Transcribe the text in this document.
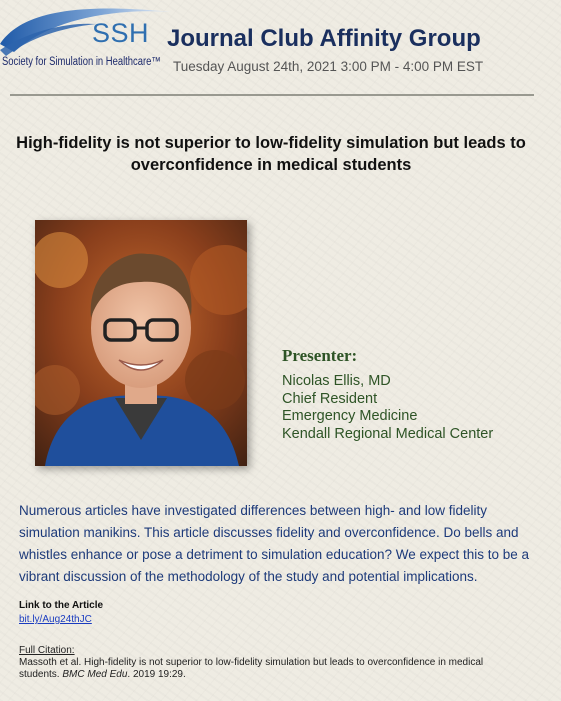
SSH
Society for Simulation in Healthcare™
Journal Club Affinity Group
Tuesday August 24th, 2021 3:00 PM - 4:00 PM EST
High-fidelity is not superior to low-fidelity simulation but leads to overconfidence in medical students
Presenter:
Nicolas Ellis, MD
Chief Resident
Emergency Medicine
Kendall Regional Medical Center
Numerous articles have investigated differences between high- and low fidelity simulation manikins. This article discusses fidelity and overconfidence. Do bells and whistles enhance or pose a detriment to simulation education? We expect this to be a vibrant discussion of the methodology of the study and potential implications.
Link to the Article
bit.ly/Aug24thJC
Full Citation:
Massoth et al. High-fidelity is not superior to low-fidelity simulation but leads to overconfidence in medical students. BMC Med Edu. 2019 19:29.
